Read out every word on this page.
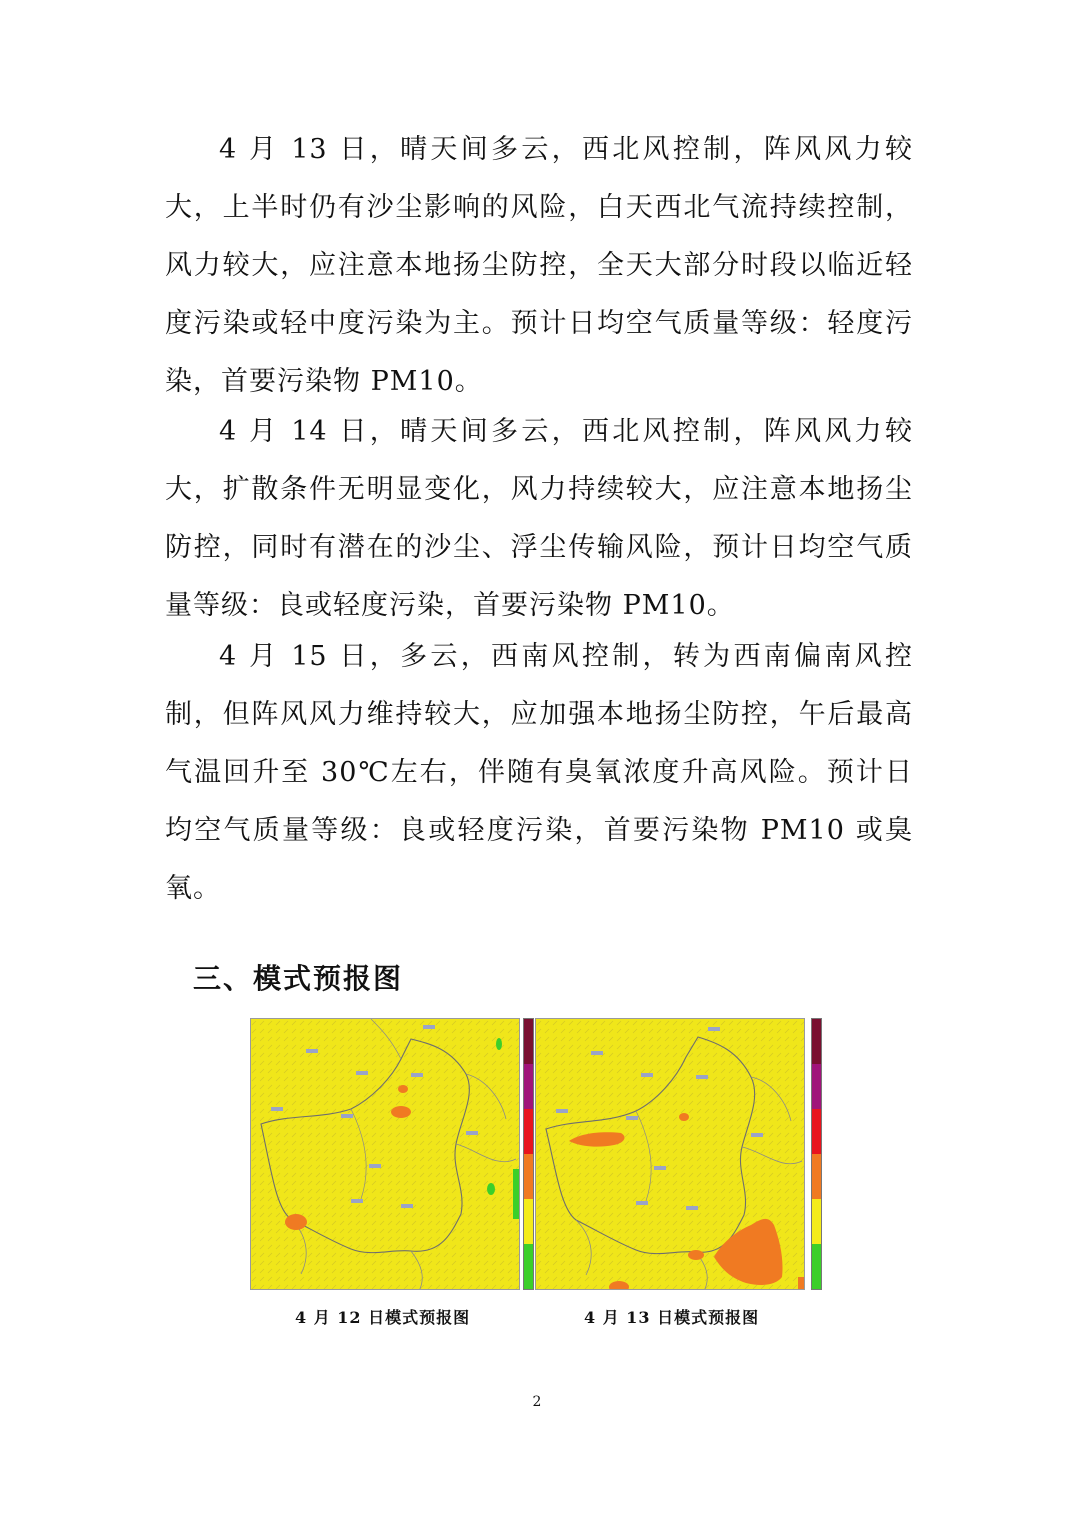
4 月 13 日，晴天间多云，西北风控制，阵风风力较大，上半时仍有沙尘影响的风险，白天西北气流持续控制，风力较大，应注意本地扬尘防控，全天大部分时段以临近轻度污染或轻中度污染为主。预计日均空气质量等级：轻度污染，首要污染物 PM10。

4 月 14 日，晴天间多云，西北风控制，阵风风力较大，扩散条件无明显变化，风力持续较大，应注意本地扬尘防控，同时有潜在的沙尘、浮尘传输风险，预计日均空气质量等级：良或轻度污染，首要污染物 PM10。

4 月 15 日，多云，西南风控制，转为西南偏南风控制，但阵风风力维持较大，应加强本地扬尘防控，午后最高气温回升至 30℃左右，伴随有臭氧浓度升高风险。预计日均空气质量等级：良或轻度污染，首要污染物 PM10 或臭氧。

三、模式预报图

4 月 12 日模式预报图	4 月 13 日模式预报图

2
